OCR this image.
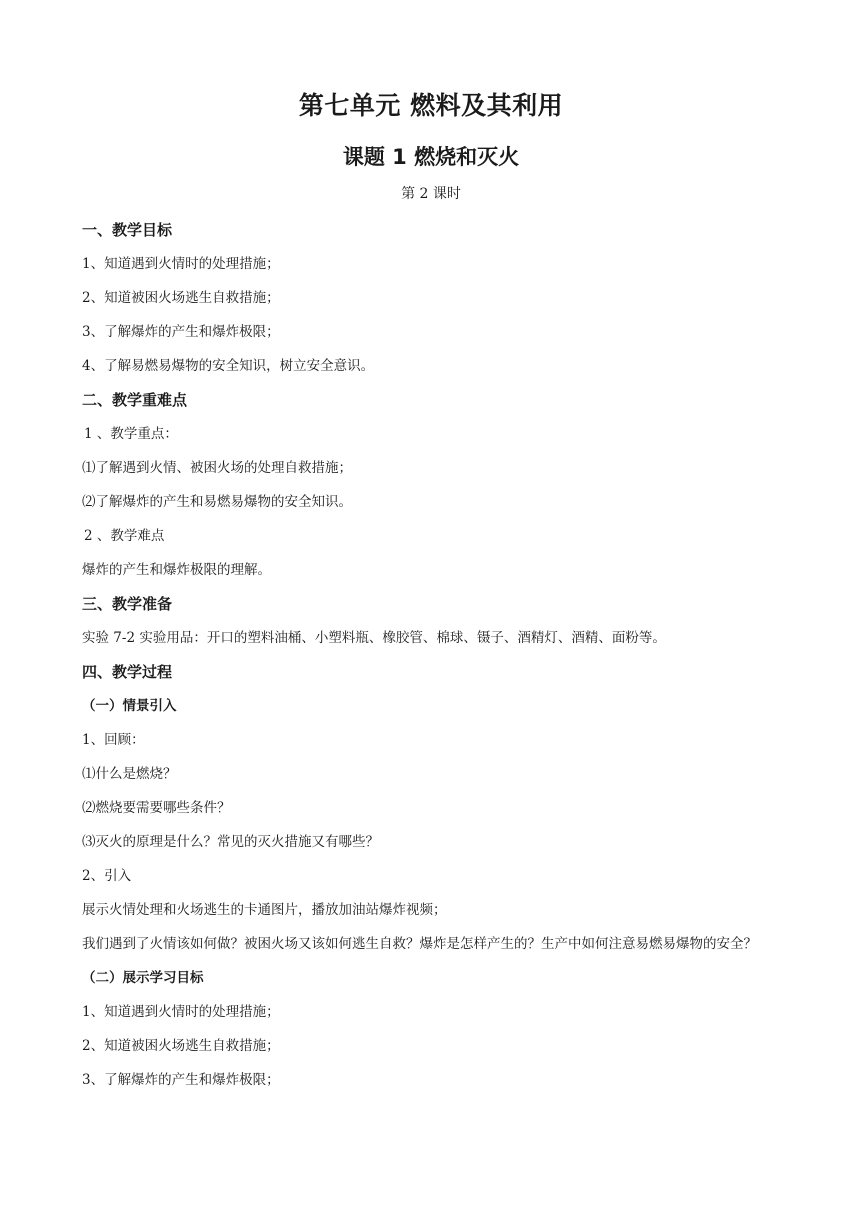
第七单元 燃料及其利用
课题 1 燃烧和灭火
第 2 课时
一、教学目标
1、知道遇到火情时的处理措施；
2、知道被困火场逃生自救措施；
3、了解爆炸的产生和爆炸极限；
4、了解易燃易爆物的安全知识，树立安全意识。
二、教学重难点
1 、教学重点：
⑴了解遇到火情、被困火场的处理自救措施；
⑵了解爆炸的产生和易燃易爆物的安全知识。
2 、教学难点
爆炸的产生和爆炸极限的理解。
三、教学准备
实验 7-2 实验用品：开口的塑料油桶、小塑料瓶、橡胶管、棉球、镊子、酒精灯、酒精、面粉等。
四、教学过程
（一）情景引入
1、回顾：
⑴什么是燃烧？
⑵燃烧要需要哪些条件？
⑶灭火的原理是什么？常见的灭火措施又有哪些？
2、引入
展示火情处理和火场逃生的卡通图片，播放加油站爆炸视频；
我们遇到了火情该如何做？被困火场又该如何逃生自救？爆炸是怎样产生的？生产中如何注意易燃易爆物的安全？
（二）展示学习目标
1、知道遇到火情时的处理措施；
2、知道被困火场逃生自救措施；
3、了解爆炸的产生和爆炸极限；
